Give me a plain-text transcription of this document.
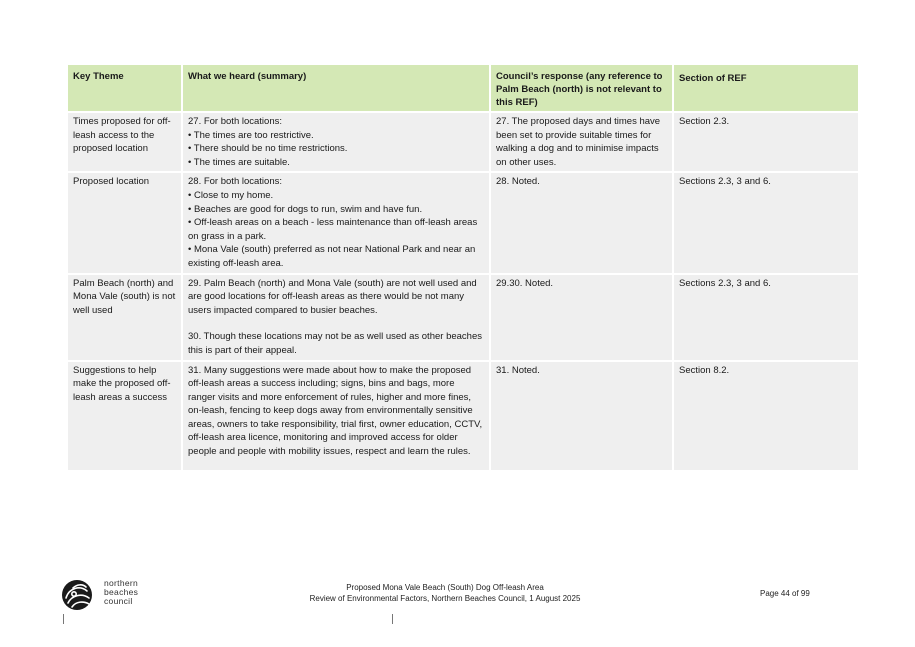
Key Theme	What we heard (summary)	Council’s response (any reference to Palm Beach (north) is not relevant to this REF)	Section of REF
Times proposed for off-leash access to the proposed location	27. For both locations:
• The times are too restrictive.
• There should be no time restrictions.
• The times are suitable.	27. The proposed days and times have been set to provide suitable times for walking a dog and to minimise impacts on other uses.	Section 2.3.
Proposed location	28. For both locations:
• Close to my home.
• Beaches are good for dogs to run, swim and have fun.
• Off-leash areas on a beach - less maintenance than off-leash areas on grass in a park.
• Mona Vale (south) preferred as not near National Park and near an existing off-leash area.	28. Noted.	Sections 2.3, 3 and 6.
Palm Beach (north) and Mona Vale (south) is not well used	29. Palm Beach (north) and Mona Vale (south) are not well used and are good locations for off-leash areas as there would be not many users impacted compared to busier beaches.
30. Though these locations may not be as well used as other beaches this is part of their appeal.	29.30. Noted.	Sections 2.3, 3 and 6.
Suggestions to help make the proposed off-leash areas a success	31. Many suggestions were made about how to make the proposed off-leash areas a success including; signs, bins and bags, more ranger visits and more enforcement of rules, higher and more fines, on-leash, fencing to keep dogs away from environmentally sensitive areas, owners to take responsibility, trial first, owner education, CCTV, off-leash area licence, monitoring and improved access for older people and people with mobility issues, respect and learn the rules.	31. Noted.	Section 8.2.
northern
beaches
council
Proposed Mona Vale Beach (South) Dog Off-leash Area
Review of Environmental Factors, Northern Beaches Council, 1 August 2025
Page 44 of 99
